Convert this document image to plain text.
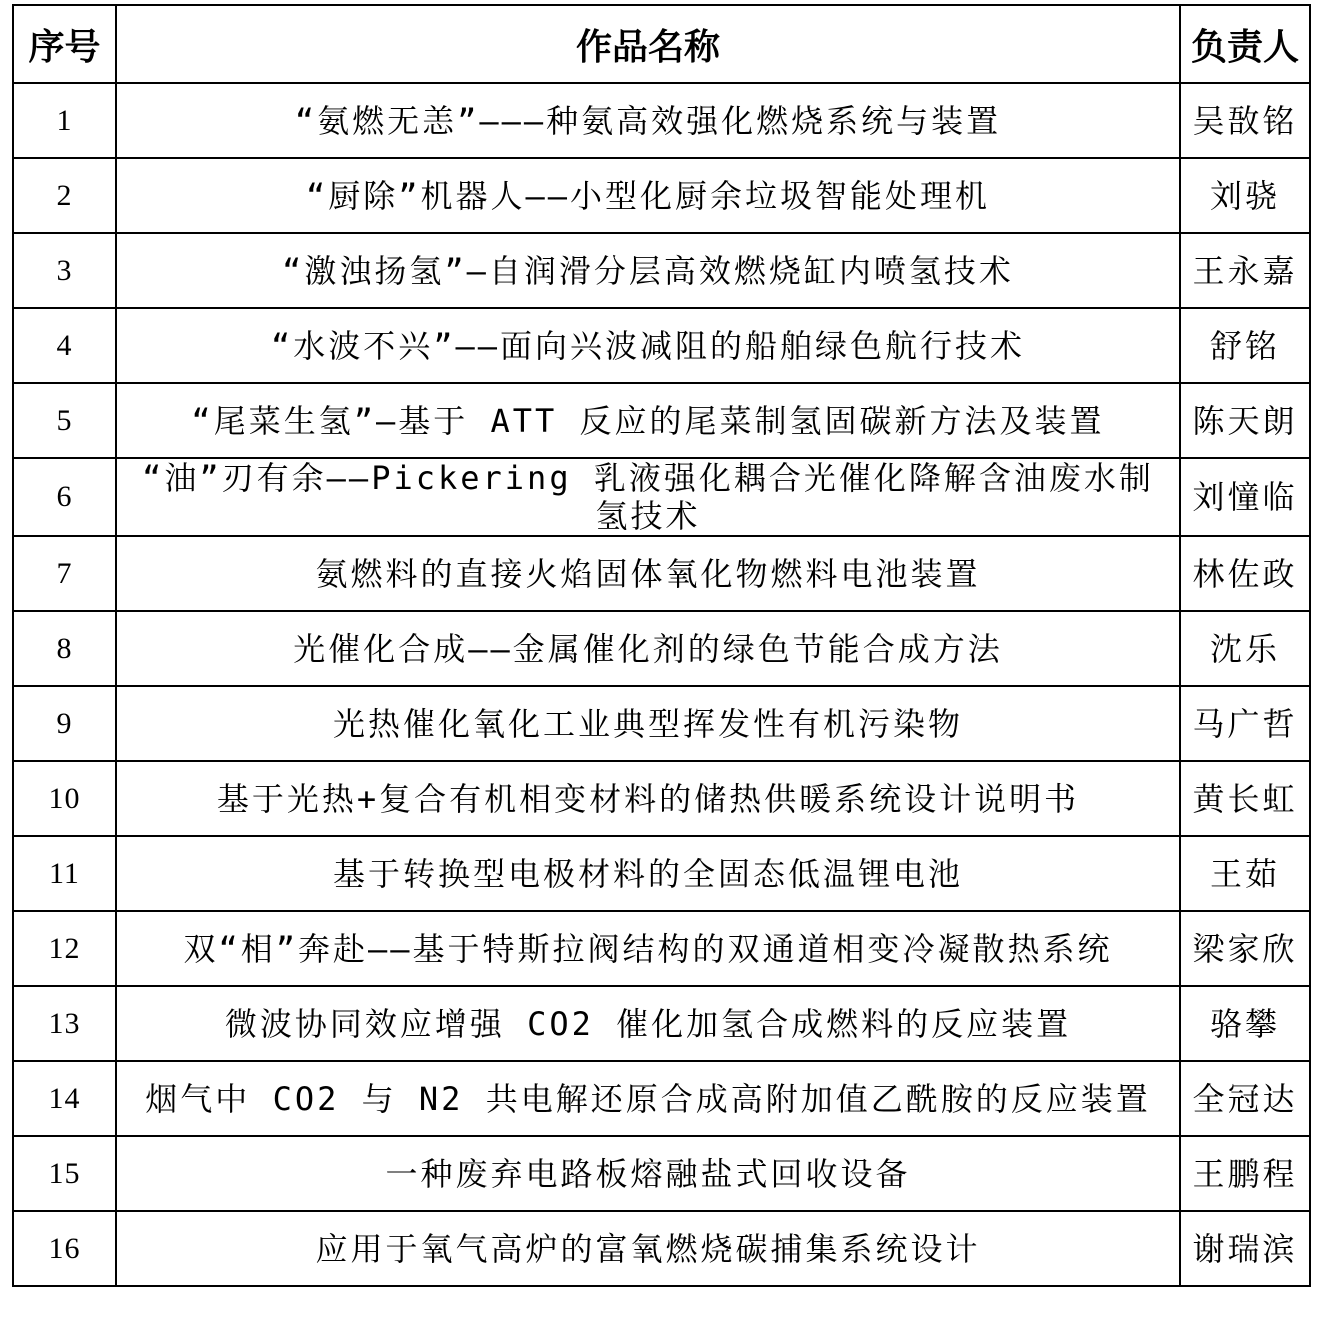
序号	作品名称	负责人
1	“氨燃无恙”———种氨高效强化燃烧系统与装置	吴敔铭
2	“厨除”机器人——小型化厨余垃圾智能处理机	刘骁
3	“激浊扬氢”—自润滑分层高效燃烧缸内喷氢技术	王永嘉
4	“水波不兴”——面向兴波减阻的船舶绿色航行技术	舒铭
5	“尾菜生氢”—基于 ATT 反应的尾菜制氢固碳新方法及装置	陈天朗
6	“油”刃有余——Pickering 乳液强化耦合光催化降解含油废水制氢技术	刘憧临
7	氨燃料的直接火焰固体氧化物燃料电池装置	林佐政
8	光催化合成——金属催化剂的绿色节能合成方法	沈乐
9	光热催化氧化工业典型挥发性有机污染物	马广哲
10	基于光热+复合有机相变材料的储热供暖系统设计说明书	黄长虹
11	基于转换型电极材料的全固态低温锂电池	王茹
12	双“相”奔赴——基于特斯拉阀结构的双通道相变冷凝散热系统	梁家欣
13	微波协同效应增强 CO2 催化加氢合成燃料的反应装置	骆攀
14	烟气中 CO2 与 N2 共电解还原合成高附加值乙酰胺的反应装置	全冠达
15	一种废弃电路板熔融盐式回收设备	王鹏程
16	应用于氧气高炉的富氧燃烧碳捕集系统设计	谢瑞滨
